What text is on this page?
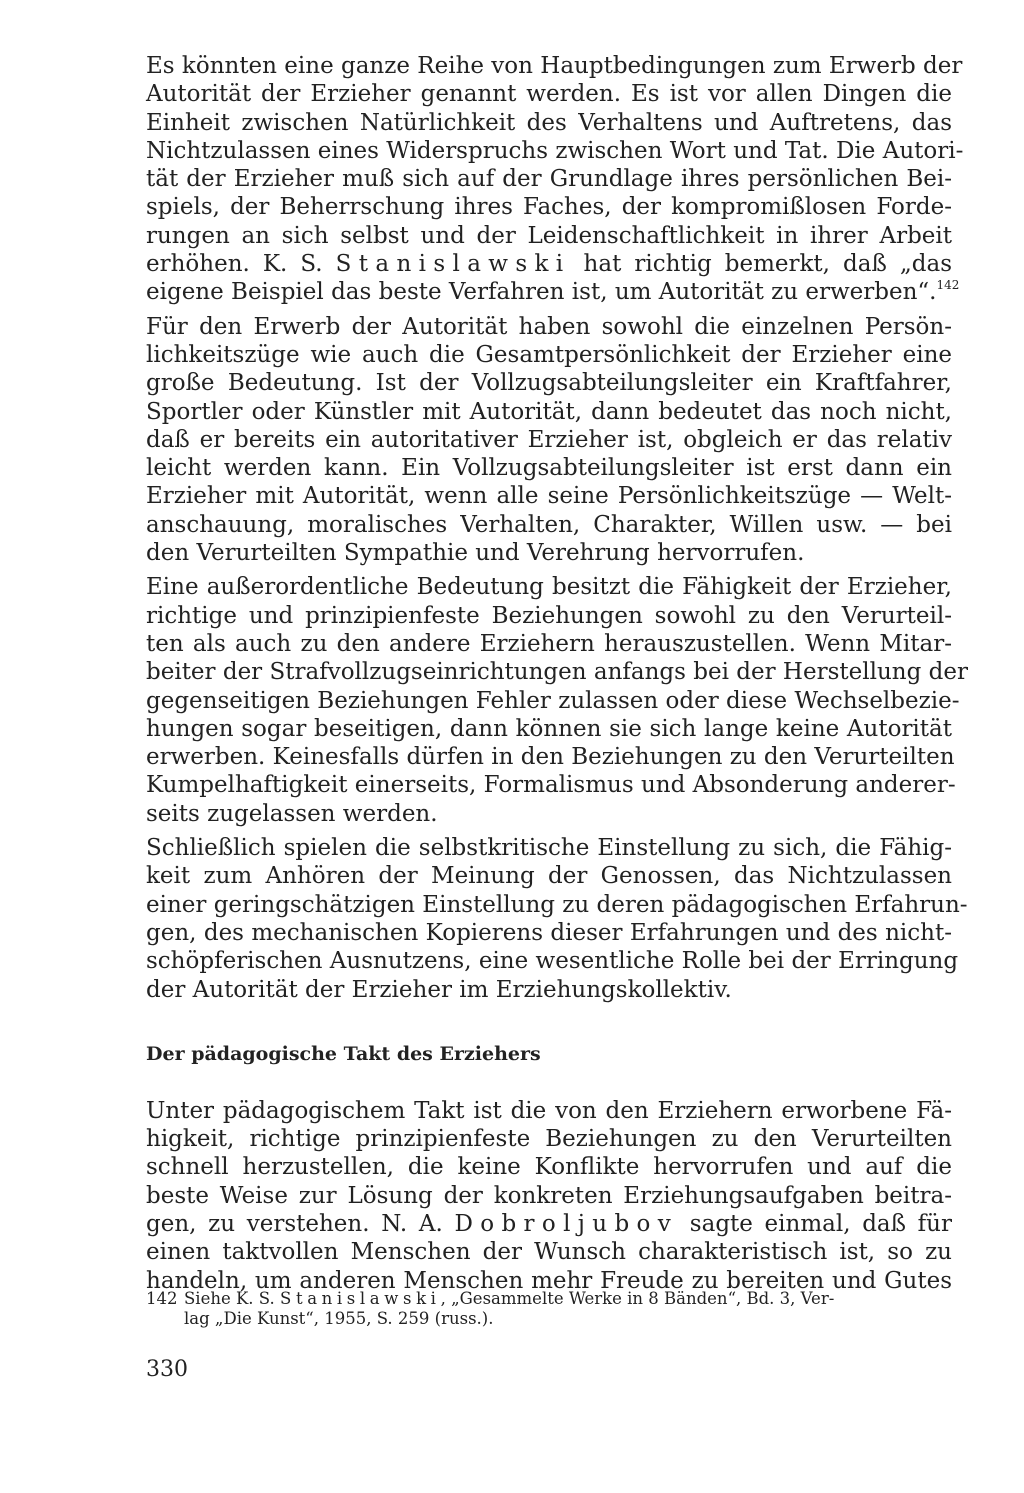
Es könnten eine ganze Reihe von Hauptbedingungen zum Erwerb der
Autorität der Erzieher genannt werden. Es ist vor allen Dingen die
Einheit zwischen Natürlichkeit des Verhaltens und Auftretens, das
Nichtzulassen eines Widerspruchs zwischen Wort und Tat. Die Autori-
tät der Erzieher muß sich auf der Grundlage ihres persönlichen Bei-
spiels, der Beherrschung ihres Faches, der kompromißlosen Forde-
rungen an sich selbst und der Leidenschaftlichkeit in ihrer Arbeit
erhöhen. K. S. Stanislawski hat richtig bemerkt, daß „das
eigene Beispiel das beste Verfahren ist, um Autorität zu erwerben“.$^{142}$

Für den Erwerb der Autorität haben sowohl die einzelnen Persön-
lichkeitszüge wie auch die Gesamtpersönlichkeit der Erzieher eine
große Bedeutung. Ist der Vollzugsabteilungsleiter ein Kraftfahrer,
Sportler oder Künstler mit Autorität, dann bedeutet das noch nicht,
daß er bereits ein autoritativer Erzieher ist, obgleich er das relativ
leicht werden kann. Ein Vollzugsabteilungsleiter ist erst dann ein
Erzieher mit Autorität, wenn alle seine Persönlichkeitszüge — Welt-
anschauung, moralisches Verhalten, Charakter, Willen usw. — bei
den Verurteilten Sympathie und Verehrung hervorrufen.

Eine außerordentliche Bedeutung besitzt die Fähigkeit der Erzieher,
richtige und prinzipienfeste Beziehungen sowohl zu den Verurteil-
ten als auch zu den andere Erziehern herauszustellen. Wenn Mitar-
beiter der Strafvollzugseinrichtungen anfangs bei der Herstellung der
gegenseitigen Beziehungen Fehler zulassen oder diese Wechselbezie-
hungen sogar beseitigen, dann können sie sich lange keine Autorität
erwerben. Keinesfalls dürfen in den Beziehungen zu den Verurteilten
Kumpelhaftigkeit einerseits, Formalismus und Absonderung anderer-
seits zugelassen werden.

Schließlich spielen die selbstkritische Einstellung zu sich, die Fähig-
keit zum Anhören der Meinung der Genossen, das Nichtzulassen
einer geringschätzigen Einstellung zu deren pädagogischen Erfahrun-
gen, des mechanischen Kopierens dieser Erfahrungen und des nicht-
schöpferischen Ausnutzens, eine wesentliche Rolle bei der Erringung
der Autorität der Erzieher im Erziehungskollektiv.

Der pädagogische Takt des Erziehers

Unter pädagogischem Takt ist die von den Erziehern erworbene Fä-
higkeit, richtige prinzipienfeste Beziehungen zu den Verurteilten
schnell herzustellen, die keine Konflikte hervorrufen und auf die
beste Weise zur Lösung der konkreten Erziehungsaufgaben beitra-
gen, zu verstehen. N. A. Dobroljubov sagte einmal, daß für
einen taktvollen Menschen der Wunsch charakteristisch ist, so zu
handeln, um anderen Menschen mehr Freude zu bereiten und Gutes

142 Siehe K. S. Stanislawski, „Gesammelte Werke in 8 Bänden“, Bd. 3, Ver-
lag „Die Kunst“, 1955, S. 259 (russ.).
330
